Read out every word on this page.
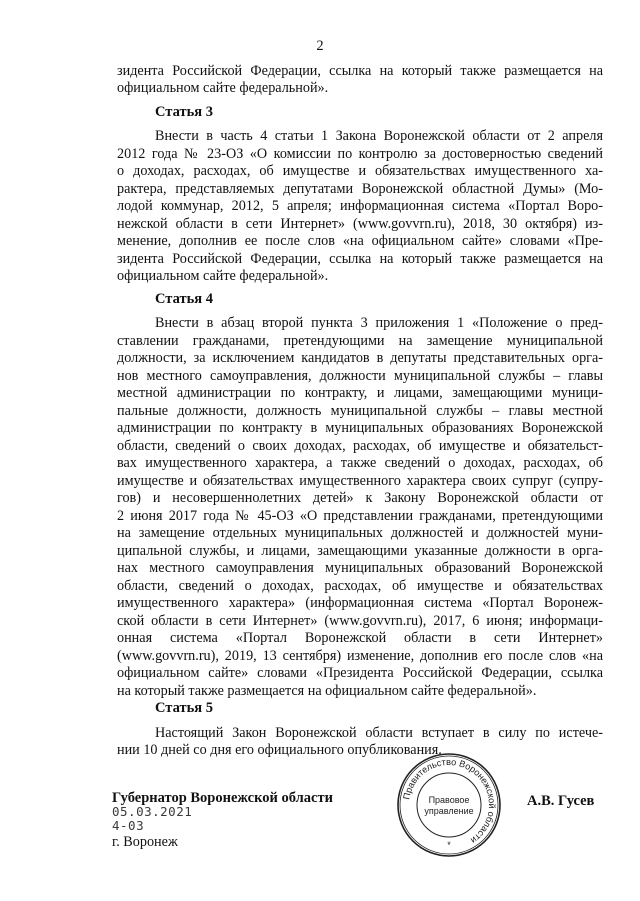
2
зидента Российской Федерации, ссылка на который также размещается на
официальном сайте федеральной».
Статья 3
Внести в часть 4 статьи 1 Закона Воронежской области от 2 апреля
2012 года № 23-ОЗ «О комиссии по контролю за достоверностью сведений
о доходах, расходах, об имуществе и обязательствах имущественного ха-
рактера, представляемых депутатами Воронежской областной Думы» (Мо-
лодой коммунар, 2012, 5 апреля; информационная система «Портал Воро-
нежской области в сети Интернет» (www.govvrn.ru), 2018, 30 октября) из-
менение, дополнив ее после слов «на официальном сайте» словами «Пре-
зидента Российской Федерации, ссылка на который также размещается на
официальном сайте федеральной».
Статья 4
Внести в абзац второй пункта 3 приложения 1 «Положение о пред-
ставлении гражданами, претендующими на замещение муниципальной
должности, за исключением кандидатов в депутаты представительных орга-
нов местного самоуправления, должности муниципальной службы – главы
местной администрации по контракту, и лицами, замещающими муници-
пальные должности, должность муниципальной службы – главы местной
администрации по контракту в муниципальных образованиях Воронежской
области, сведений о своих доходах, расходах, об имуществе и обязательст-
вах имущественного характера, а также сведений о доходах, расходах, об
имуществе и обязательствах имущественного характера своих супруг (супру-
гов) и несовершеннолетних детей» к Закону Воронежской области от
2 июня 2017 года № 45-ОЗ «О представлении гражданами, претендующими
на замещение отдельных муниципальных должностей и должностей муни-
ципальной службы, и лицами, замещающими указанные должности в орга-
нах местного самоуправления муниципальных образований Воронежской
области, сведений о доходах, расходах, об имуществе и обязательствах
имущественного характера» (информационная система «Портал Воронеж-
ской области в сети Интернет» (www.govvrn.ru), 2017, 6 июня; информаци-
онная система «Портал Воронежской области в сети Интернет»
(www.govvrn.ru), 2019, 13 сентября) изменение, дополнив его после слов «на
официальном сайте» словами «Президента Российской Федерации, ссылка
на который также размещается на официальном сайте федеральной».
Статья 5
Настоящий Закон Воронежской области вступает в силу по истече-
нии 10 дней со дня его официального опубликования.
Губернатор Воронежской области
05.03.2021
4-03
г. Воронеж
А.В. Гусев
Правительство Воронежской области
Правовое
управление
*
